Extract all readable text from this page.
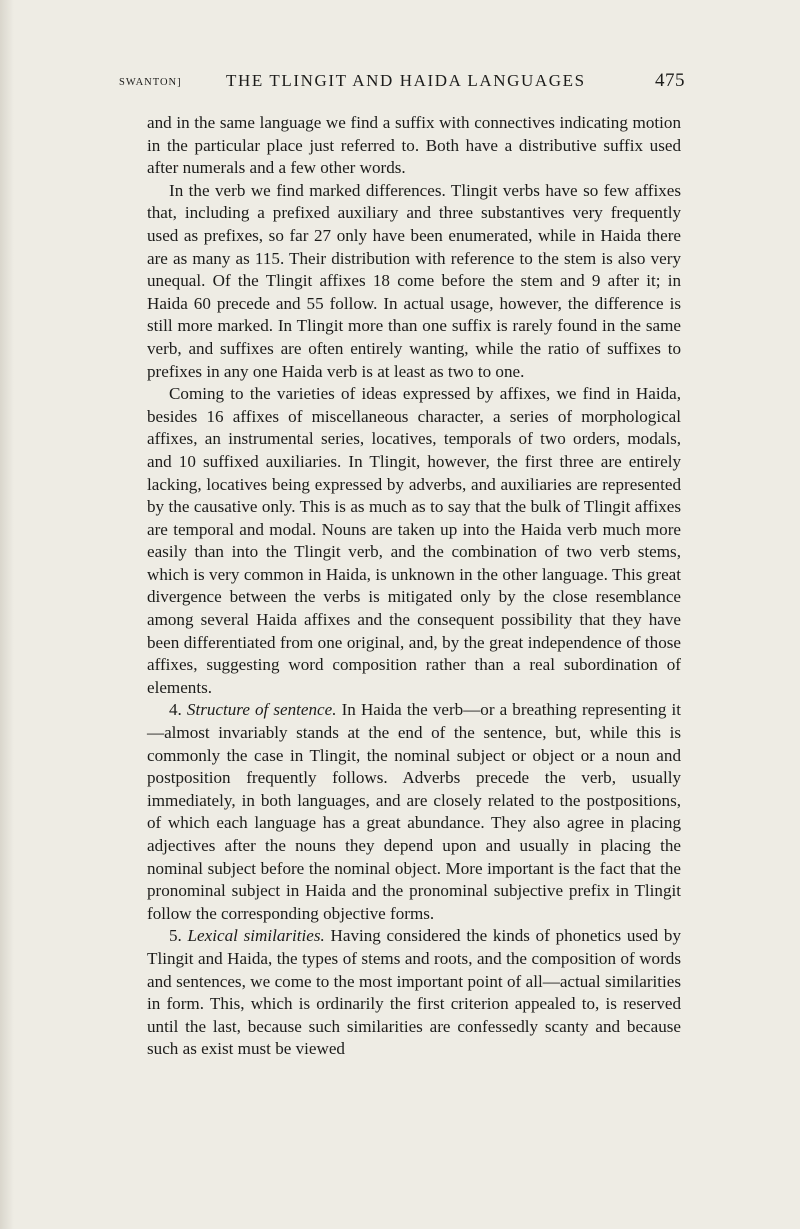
SWANTON]	THE TLINGIT AND HAIDA LANGUAGES	475

and in the same language we find a suffix with connectives indicating motion in the particular place just referred to. Both have a distributive suffix used after numerals and a few other words.

In the verb we find marked differences. Tlingit verbs have so few affixes that, including a prefixed auxiliary and three substantives very frequently used as prefixes, so far 27 only have been enumerated, while in Haida there are as many as 115. Their distribution with reference to the stem is also very unequal. Of the Tlingit affixes 18 come before the stem and 9 after it; in Haida 60 precede and 55 follow. In actual usage, however, the difference is still more marked. In Tlingit more than one suffix is rarely found in the same verb, and suffixes are often entirely wanting, while the ratio of suffixes to prefixes in any one Haida verb is at least as two to one.

Coming to the varieties of ideas expressed by affixes, we find in Haida, besides 16 affixes of miscellaneous character, a series of morphological affixes, an instrumental series, locatives, temporals of two orders, modals, and 10 suffixed auxiliaries. In Tlingit, however, the first three are entirely lacking, locatives being expressed by adverbs, and auxiliaries are represented by the causative only. This is as much as to say that the bulk of Tlingit affixes are temporal and modal. Nouns are taken up into the Haida verb much more easily than into the Tlingit verb, and the combination of two verb stems, which is very common in Haida, is unknown in the other language. This great divergence between the verbs is mitigated only by the close resemblance among several Haida affixes and the consequent possibility that they have been differentiated from one original, and, by the great independence of those affixes, suggesting word composition rather than a real subordination of elements.

4. Structure of sentence. In Haida the verb—or a breathing representing it—almost invariably stands at the end of the sentence, but, while this is commonly the case in Tlingit, the nominal subject or object or a noun and postposition frequently follows. Adverbs precede the verb, usually immediately, in both languages, and are closely related to the postpositions, of which each language has a great abundance. They also agree in placing adjectives after the nouns they depend upon and usually in placing the nominal subject before the nominal object. More important is the fact that the pronominal subject in Haida and the pronominal subjective prefix in Tlingit follow the corresponding objective forms.

5. Lexical similarities. Having considered the kinds of phonetics used by Tlingit and Haida, the types of stems and roots, and the composition of words and sentences, we come to the most important point of all—actual similarities in form. This, which is ordinarily the first criterion appealed to, is reserved until the last, because such similarities are confessedly scanty and because such as exist must be viewed
